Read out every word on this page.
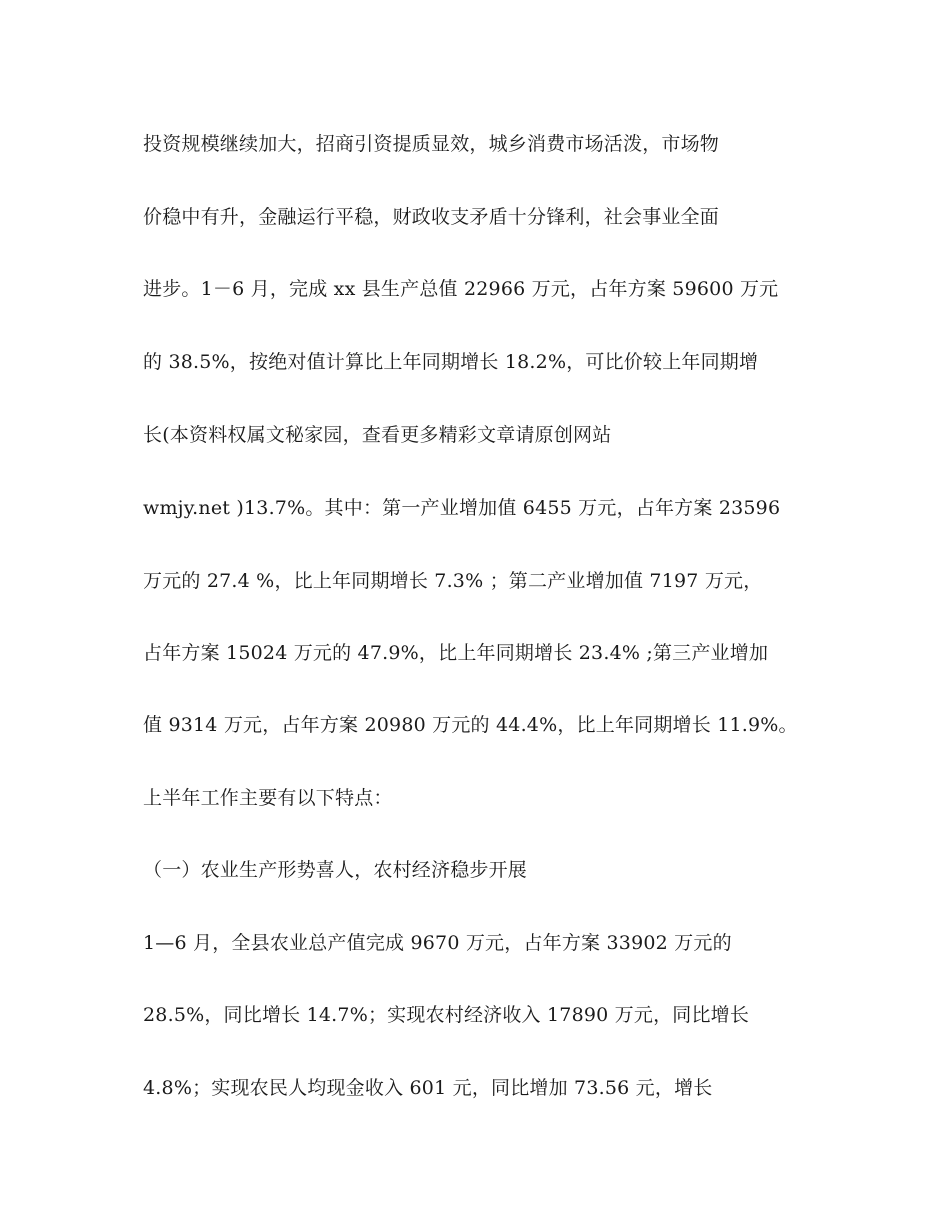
投资规模继续加大，招商引资提质显效，城乡消费市场活泼，市场物

价稳中有升，金融运行平稳，财政收支矛盾十分锋利，社会事业全面

进步。1－6 月，完成 xx 县生产总值 22966 万元，占年方案 59600 万元

的 38.5%，按绝对值计算比上年同期增长 18.2%，可比价较上年同期增

长(本资料权属文秘家园，查看更多精彩文章请原创网站

wmjy.net )13.7%。其中：第一产业增加值 6455 万元，占年方案 23596

万元的 27.4 %，比上年同期增长 7.3% ；第二产业增加值 7197 万元，

占年方案 15024 万元的 47.9%，比上年同期增长 23.4% ;第三产业增加

值 9314 万元，占年方案 20980 万元的 44.4%，比上年同期增长 11.9%。

上半年工作主要有以下特点：

（一）农业生产形势喜人，农村经济稳步开展

1—6 月，全县农业总产值完成 9670 万元，占年方案 33902 万元的

28.5%，同比增长 14.7%；实现农村经济收入 17890 万元，同比增长

4.8%；实现农民人均现金收入 601 元，同比增加 73.56 元，增长
